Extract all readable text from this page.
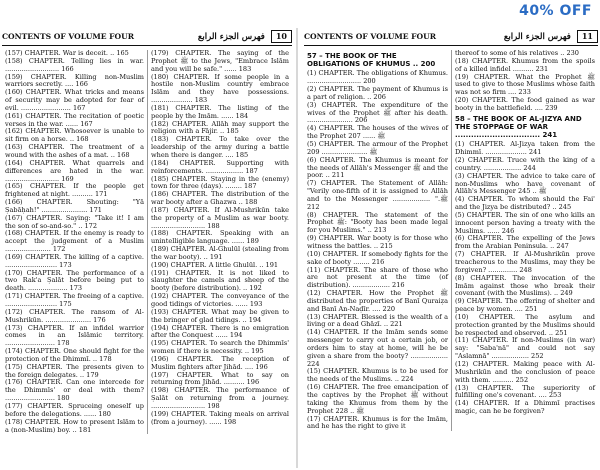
40% OFF
CONTENTS OF VOLUME FOUR	فهرس الجزء الرابع	10
(157) CHAPTER. War is deceit. .. 165
(158) CHAPTER. Telling lies in war. .......................... 166
(159) CHAPTER. Killing non-Muslim warriors secretly. .... 166
(160) CHAPTER. What tricks and means of security may be adopted for fear of evil. ........................ 167
(161) CHAPTER. The recitation of poetic verses in the war. ...... 167
(162) CHAPTER. Whosoever is unable to sit firm on a horse. .. 168
(163) CHAPTER. The treatment of a wound with the ashes of a mat. .. 168
(164) CHAPTER. What quarrels and differences are hated in the war. .......................... 169
(165) CHAPTER. If the people get frightened at night. .......... 171
(166) CHAPTER. Shouting: "Yā Ṣabāḥah!" ...................... 171
(167) CHAPTER. Saying: "Take it! I am the son of so-and-so." .. 172
(168) CHAPTER. If the enemy is ready to accept the judgement of a Muslim ...................... 172
(169) CHAPTER. The killing of a captive. ......................... 173
(170) CHAPTER. The performance of a two Rak'a Ṣalāt before being put to death. ................... 173
(171) CHAPTER. The freeing of a captive. ......................... 175
(172) CHAPTER. The ransom of Al-Mushrikūn. ...................... 176
(173) CHAPTER. If an infidel warrior comes in an Islāmic territory. ........................ 178
(174) CHAPTER. One should fight for the protection of the Dhimmī. .. 178
(175) CHAPTER. The presents given to the foreign delegates. .. 179
(176) CHAPTER. Can one intercede for the Dhimmīs' or deal with them? ........................ 180
(177) CHAPTER. Spruceing oneself up before the delegations. ...... 180
(178) CHAPTER. How to present Islām to a (non-Muslim) boy. .. 181
(179) CHAPTER. The saying of the Prophet ﷺ to the Jews, "Embrace Islām and you will be safe." ...... 183
(180) CHAPTER. If some people in a hostile non-Muslim country embrace Islām and they have possessions. .................... 183
(181) CHAPTER. The listing of the people by the Imām. ...... 184
(182) CHAPTER. Allāh may support the religion with a Fājir. .. 185
(183) CHAPTER. To take over the leadership of the army during a battle when there is danger. .... 185
(184) CHAPTER. Supporting with reinforcements. .................. 187
(185) CHAPTER. Staying in the (enemy) town for three (days). ........ 187
(186) CHAPTER. The distribution of the war booty after a Ghazwa .. 188
(187) CHAPTER. If Al-Mushrikūn take the property of a Muslim as war booty. .......................... 188
(188) CHAPTER. Speaking with an unintelligible language. ...... 189
(189) CHAPTER. Al-Ghulūl (stealing from the war booty). .. 191
(190) CHAPTER. A little Ghulūl. .. 191
(191) CHAPTER. It is not liked to slaughter the camels and sheep of the booty (before distribution). .. 192
(192) CHAPTER. The conveyance of the good tidings of victories. ...... 193
(193) CHAPTER. What may be given to the bringer of glad tidings. .. 194
(194) CHAPTER. There is no emigration after the Conquest ...... 194
(195) CHAPTER. To search the Dhimmīs' women if there is necessity. .. 195
(196) CHAPTER. The reception of Muslim fighters after Jihād. .... 196
(197) CHAPTER. What to say on returning from Jihād. .......... 196
(198) CHAPTER. The performance of Ṣalāt on returning from a journey. .......................... 198
(199) CHAPTER. Taking meals on arrival (from a journey). ...... 198
CONTENTS OF VOLUME FOUR	فهرس الجزء الرابع	11
57 – THE BOOK OF THE OBLIGATIONS OF KHUMUS .. 200
(1) CHAPTER. The obligations of Khumus. .......................... 200
(2) CHAPTER. The payment of Khumus is a part of religion. .. 206
(3) CHAPTER. The expenditure of the wives of the Prophet ﷺ after his death. ...................... 206
(4) CHAPTER. The houses of the wives of the Prophet ﷺ ...... 207
(5) CHAPTER. The armour of the Prophet ﷺ ...................... 209
(6) CHAPTER. The Khumus is meant for the needs of Allāh's Messenger ﷺ and the poor. .. 211
(7) CHAPTER. The Statement of Allāh: "Verily one-fifth of it is assigned to Allāh and to the Messenger ﷺ." .................. 212
(8) CHAPTER. The statement of the Prophet ﷺ: "Booty has been made legal for you Muslims." .. 213
(9) CHAPTER. War booty is for those who witness the battles. .. 215
(10) CHAPTER. If somebody fights for the sake of booty ........ 216
(11) CHAPTER. The share of those who are not present at the time (of distribution). .................. 216
(12) CHAPTER. How the Prophet ﷺ distributed the properties of Banī Quraiẓa and Banī An-Naḍīr. .... 220
(13) CHAPTER. Blessed is the wealth of a living or a dead Ghāzī. .. 221
(14) CHAPTER. If the Imām sends some messenger to carry out a certain job, or orders him to stay at home, will he be given a share from the booty? .................. 224
(15) CHAPTER. Khumus is to be used for the needs of the Muslims. .. 224
(16) CHAPTER. The free emancipation of the captives by the Prophet ﷺ without taking the Khumus from them by the Prophet ﷺ .. 228
(17) CHAPTER. Khumus is for the Imām, and he has the right to give it
thereof to some of his relatives .. 230
(18) CHAPTER. Khumus from the spoils of a killed infidel .......... 231
(19) CHAPTER. What the Prophet ﷺ used to give to those Muslims whose faith was not so firm .... 233
(20) CHAPTER. The food gained as war booty in the battlefield. .... 239
58 – THE BOOK OF AL-JIZYA AND THE STOPPAGE OF WAR ................................ 241
(1) CHAPTER. Al-Jizya taken from the Dhimmī. .................... 241
(2) CHAPTER. Truce with the king of a country. .................. 244
(3) CHAPTER. The advice to take care of non-Muslims who have covenant of Allāh's Messenger ﷺ .. 245
(4) CHAPTER. To whom should the Fai' and the Jizya be distributed? .. 245
(5) CHAPTER. The sin of one who kills an innocent person having a treaty with the Muslims. ...... 246
(6) CHAPTER. The expelling of the Jews from the Arabian Peninsula. .. 247
(7) CHAPTER. If Al-Mushrikūn prove treacherous to the Muslims, may they be forgiven? .............. 248
(8) CHAPTER. The invocation of the Imām against those who break their covenant (with the Muslims). .. 249
(9) CHAPTER. The offering of shelter and peace by women. .... 251
(10) CHAPTER. The asylum and protection granted by the Muslims should be respected and observed. .. 251
(11) CHAPTER. If non-Muslims (in war) say: "Saba'nā" and could not say "Aslamnā" .................. 252
(12) CHAPTER. Making peace with Al-Mushrikūn and the conclusion of peace with them. .......... 252
(13) CHAPTER. The superiority of fulfilling one's covenant. .... 253
(14) CHAPTER. If a Dhimmī practises magic, can he be forgiven?
